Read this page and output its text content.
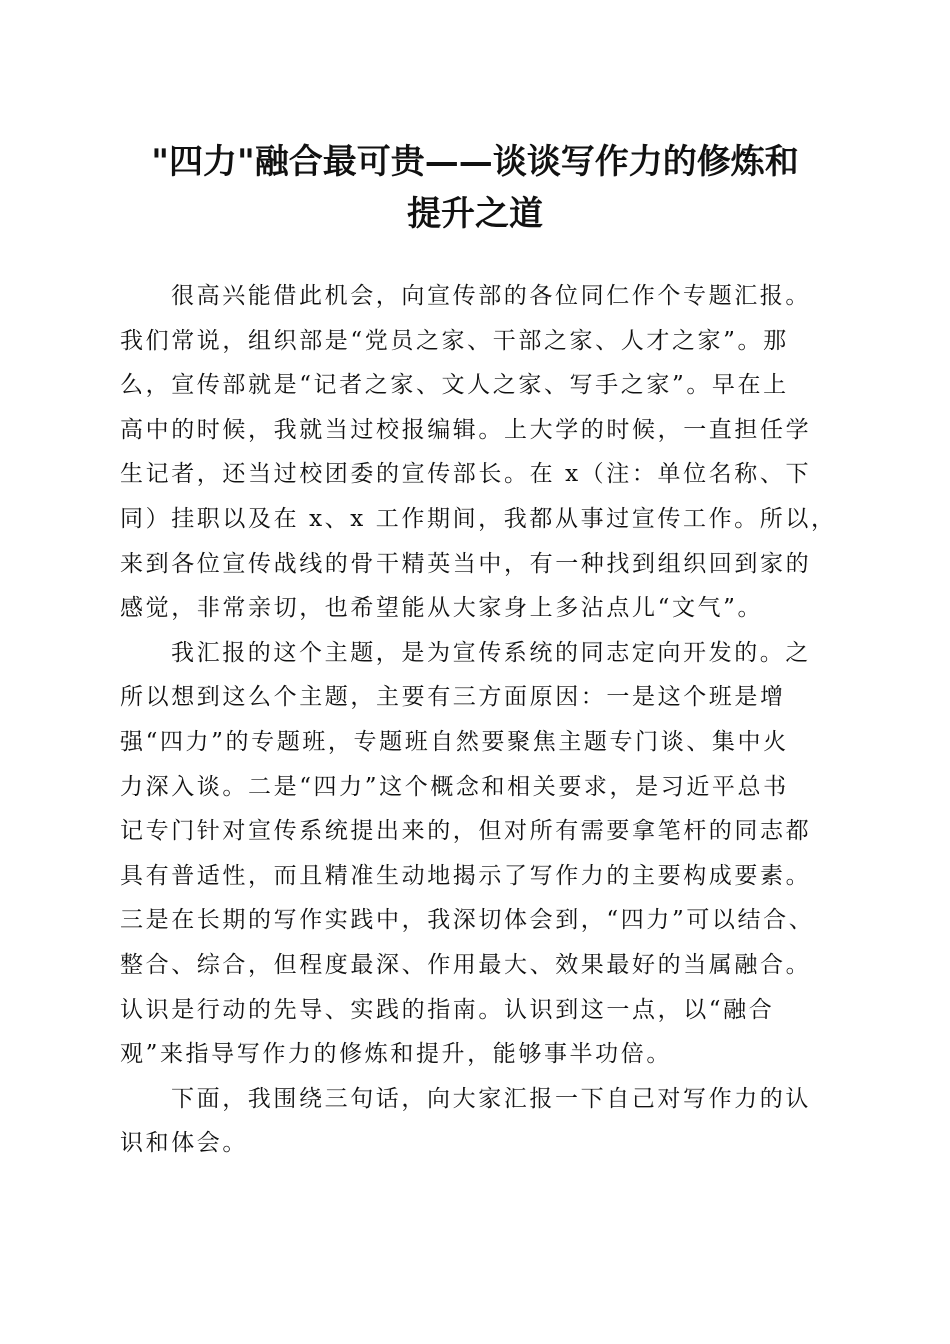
"四力"融合最可贵——谈谈写作力的修炼和
提升之道
很高兴能借此机会，向宣传部的各位同仁作个专题汇报。
我们常说，组织部是“党员之家、干部之家、人才之家”。那
么，宣传部就是“记者之家、文人之家、写手之家”。早在上
高中的时候，我就当过校报编辑。上大学的时候，一直担任学
生记者，还当过校团委的宣传部长。在 x（注：单位名称、下
同）挂职以及在 x、x 工作期间，我都从事过宣传工作。所以，
来到各位宣传战线的骨干精英当中，有一种找到组织回到家的
感觉，非常亲切，也希望能从大家身上多沾点儿“文气”。
我汇报的这个主题，是为宣传系统的同志定向开发的。之
所以想到这么个主题，主要有三方面原因：一是这个班是增
强“四力”的专题班，专题班自然要聚焦主题专门谈、集中火
力深入谈。二是“四力”这个概念和相关要求，是习近平总书
记专门针对宣传系统提出来的，但对所有需要拿笔杆的同志都
具有普适性，而且精准生动地揭示了写作力的主要构成要素。
三是在长期的写作实践中，我深切体会到，“四力”可以结合、
整合、综合，但程度最深、作用最大、效果最好的当属融合。
认识是行动的先导、实践的指南。认识到这一点，以“融合
观”来指导写作力的修炼和提升，能够事半功倍。
下面，我围绕三句话，向大家汇报一下自己对写作力的认
识和体会。
